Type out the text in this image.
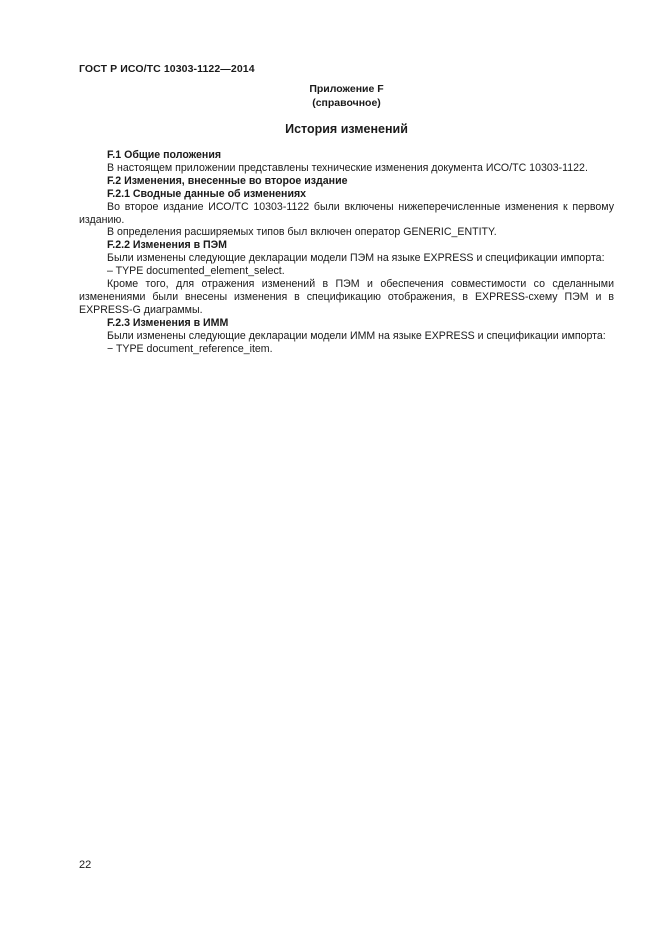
ГОСТ Р ИСО/ТС 10303-1122—2014
Приложение F
(справочное)
История изменений

F.1 Общие положения

В настоящем приложении представлены технические изменения документа ИСО/ТС 10303-1122.

F.2 Изменения, внесенные во второе издание

F.2.1 Сводные данные об изменениях

Во второе издание ИСО/ТС 10303-1122 были включены нижеперечисленные изменения к первому изданию.

В определения расширяемых типов был включен оператор GENERIC_ENTITY.

F.2.2 Изменения в ПЭМ

Были изменены следующие декларации модели ПЭМ на языке EXPRESS и спецификации импорта:

– TYPE documented_element_select.

Кроме того, для отражения изменений в ПЭМ и обеспечения совместимости со сделанными изменениями были внесены изменения в спецификацию отображения, в EXPRESS-схему ПЭМ и в EXPRESS-G диаграммы.

F.2.3 Изменения в ИММ

Были изменены следующие декларации модели ИММ на языке EXPRESS и спецификации импорта:

− TYPE document_reference_item.

22
